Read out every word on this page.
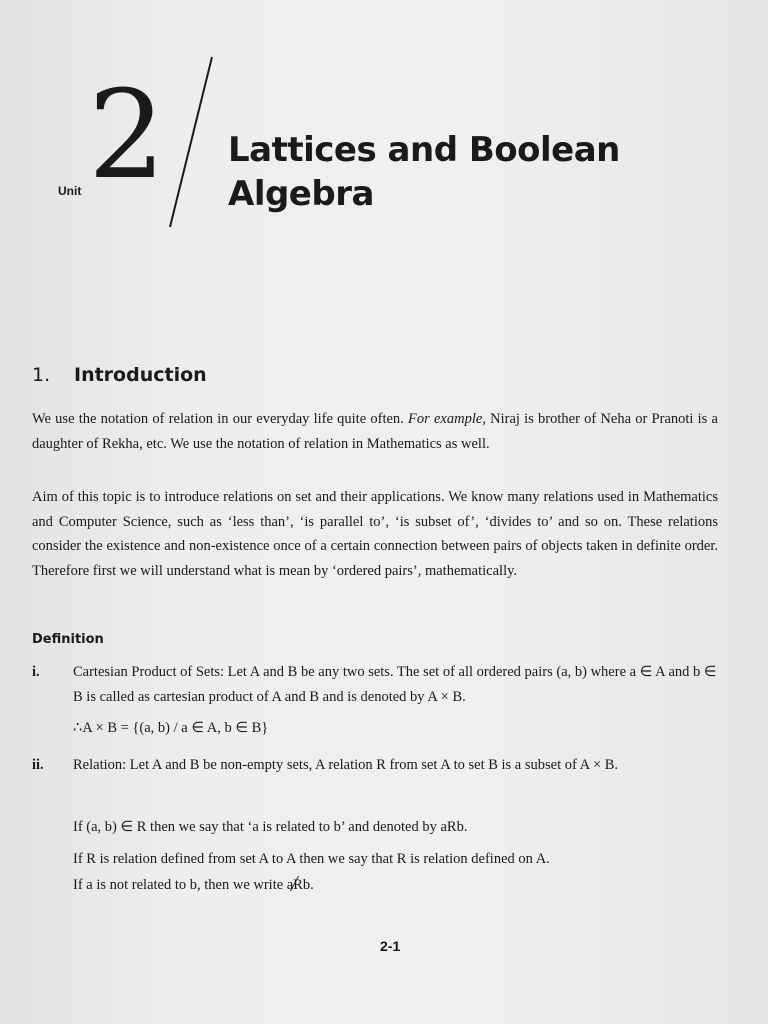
Unit 2 Lattices and Boolean Algebra
1. Introduction
We use the notation of relation in our everyday life quite often. For example, Niraj is brother of Neha or Pranoti is a daughter of Rekha, etc. We use the notation of relation in Mathematics as well.
Aim of this topic is to introduce relations on set and their applications. We know many relations used in Mathematics and Computer Science, such as ‘less than’, ‘is parallel to’, ‘is subset of’, ‘divides to’ and so on. These relations consider the existence and non-existence once of a certain connection between pairs of objects taken in definite order. Therefore first we will understand what is mean by ‘ordered pairs’, mathematically.
Definition
i. Cartesian Product of Sets: Let A and B be any two sets. The set of all ordered pairs (a, b) where a ∈ A and b ∈ B is called as cartesian product of A and B and is denoted by A × B.
∴A × B = {(a, b) / a ∈ A, b ∈ B}
ii. Relation: Let A and B be non-empty sets, A relation R from set A to set B is a subset of A × B.
If (a, b) ∈ R then we say that ‘a is related to b’ and denoted by aRb.
If R is relation defined from set A to A then we say that R is relation defined on A.
If a is not related to b, then we write aRb.
2-1
